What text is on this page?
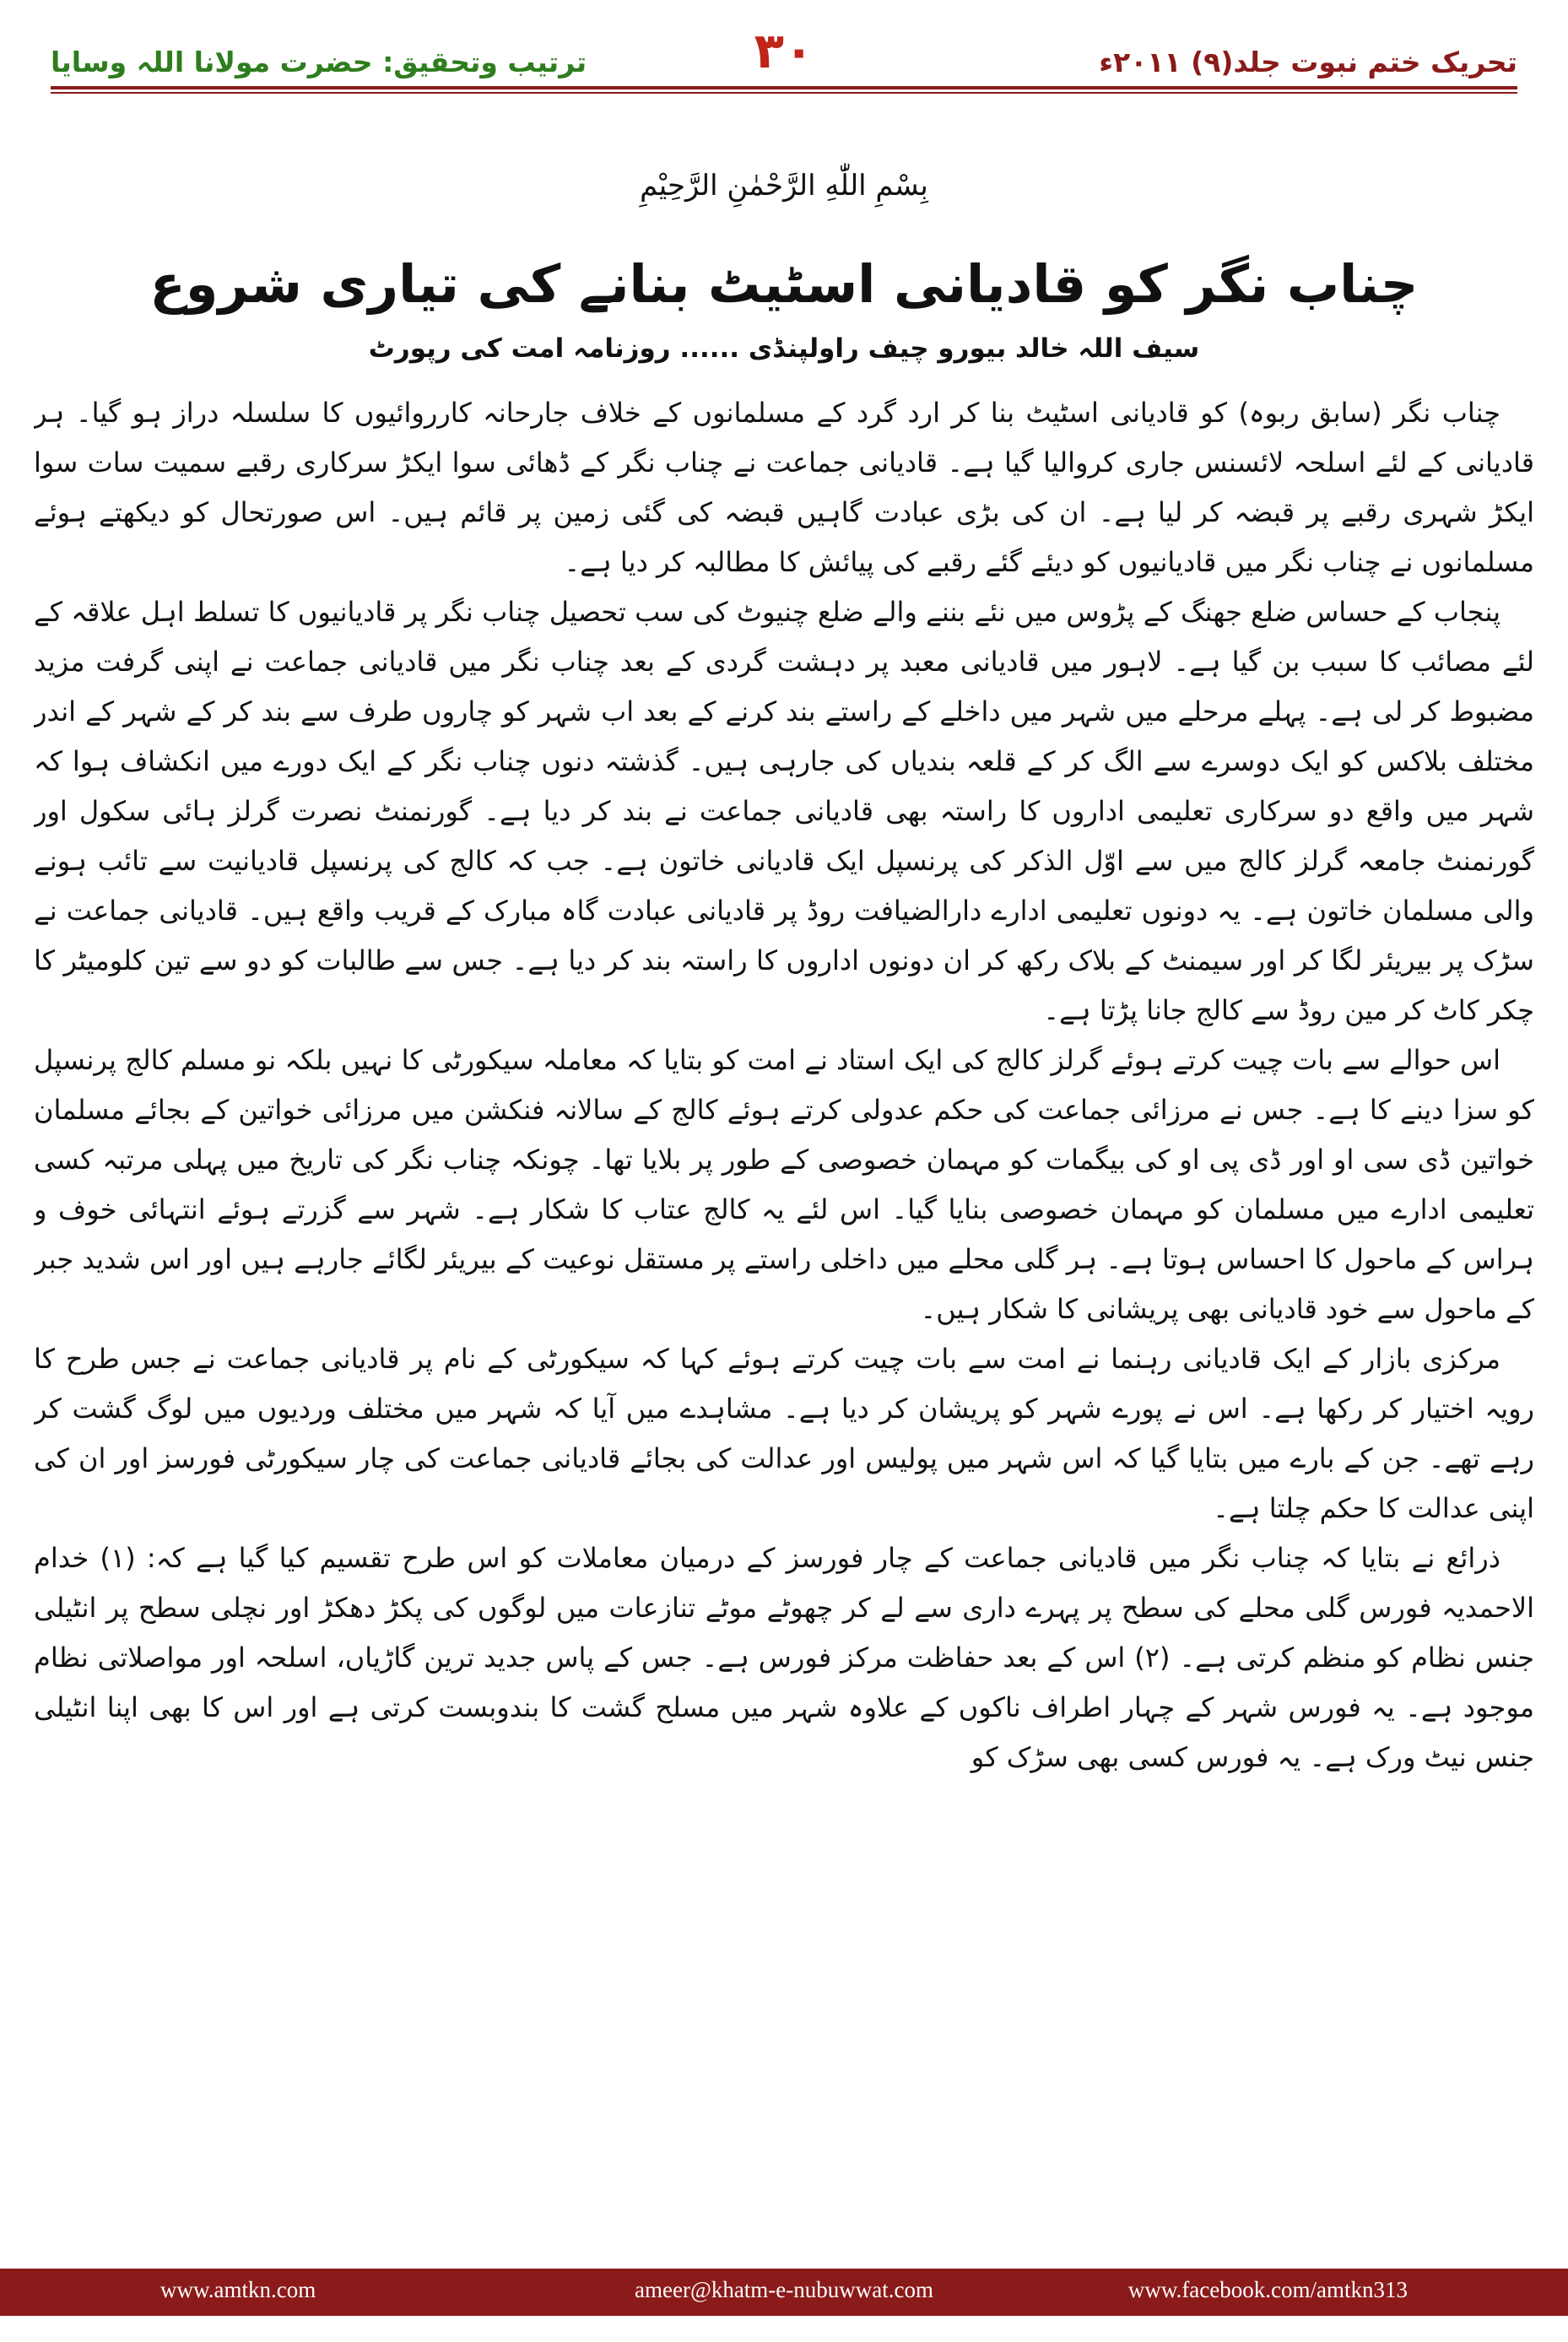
ترتیب وتحقیق: حضرت مولانا اللہ وسایا	۳۰	تحریک ختم نبوت جلد(۹) ۲۰۱۱ء
بِسْمِ اللّٰهِ الرَّحْمٰنِ الرَّحِيْمِ
چناب نگر کو قادیانی اسٹیٹ بنانے کی تیاری شروع
سیف اللہ خالد بیورو چیف راولپنڈی ...... روزنامہ امت کی رپورٹ

چناب نگر (سابق ربوہ) کو قادیانی اسٹیٹ بنا کر ارد گرد کے مسلمانوں کے خلاف جارحانہ کارروائیوں کا سلسلہ دراز ہو گیا۔ ہر قادیانی کے لئے اسلحہ لائسنس جاری کروالیا گیا ہے۔ قادیانی جماعت نے چناب نگر کے ڈھائی سوا ایکڑ سرکاری رقبے سمیت سات سوا ایکڑ شہری رقبے پر قبضہ کر لیا ہے۔ ان کی بڑی عبادت گاہیں قبضہ کی گئی زمین پر قائم ہیں۔ اس صورتحال کو دیکھتے ہوئے مسلمانوں نے چناب نگر میں قادیانیوں کو دیئے گئے رقبے کی پیائش کا مطالبہ کر دیا ہے۔

پنجاب کے حساس ضلع جھنگ کے پڑوس میں نئے بننے والے ضلع چنیوٹ کی سب تحصیل چناب نگر پر قادیانیوں کا تسلط اہل علاقہ کے لئے مصائب کا سبب بن گیا ہے۔ لاہور میں قادیانی معبد پر دہشت گردی کے بعد چناب نگر میں قادیانی جماعت نے اپنی گرفت مزید مضبوط کر لی ہے۔ پہلے مرحلے میں شہر میں داخلے کے راستے بند کرنے کے بعد اب شہر کو چاروں طرف سے بند کر کے شہر کے اندر مختلف بلاکس کو ایک دوسرے سے الگ کر کے قلعہ بندیاں کی جارہی ہیں۔ گذشتہ دنوں چناب نگر کے ایک دورے میں انکشاف ہوا کہ شہر میں واقع دو سرکاری تعلیمی اداروں کا راستہ بھی قادیانی جماعت نے بند کر دیا ہے۔ گورنمنٹ نصرت گرلز ہائی سکول اور گورنمنٹ جامعہ گرلز کالج میں سے اوّل الذکر کی پرنسپل ایک قادیانی خاتون ہے۔ جب کہ کالج کی پرنسپل قادیانیت سے تائب ہونے والی مسلمان خاتون ہے۔ یہ دونوں تعلیمی ادارے دارالضیافت روڈ پر قادیانی عبادت گاہ مبارک کے قریب واقع ہیں۔ قادیانی جماعت نے سڑک پر بیریئر لگا کر اور سیمنٹ کے بلاک رکھ کر ان دونوں اداروں کا راستہ بند کر دیا ہے۔ جس سے طالبات کو دو سے تین کلومیٹر کا چکر کاٹ کر مین روڈ سے کالج جانا پڑتا ہے۔

اس حوالے سے بات چیت کرتے ہوئے گرلز کالج کی ایک استاد نے امت کو بتایا کہ معاملہ سیکورٹی کا نہیں بلکہ نو مسلم کالج پرنسپل کو سزا دینے کا ہے۔ جس نے مرزائی جماعت کی حکم عدولی کرتے ہوئے کالج کے سالانہ فنکشن میں مرزائی خواتین کے بجائے مسلمان خواتین ڈی سی او اور ڈی پی او کی بیگمات کو مہمان خصوصی کے طور پر بلایا تھا۔ چونکہ چناب نگر کی تاریخ میں پہلی مرتبہ کسی تعلیمی ادارے میں مسلمان کو مہمان خصوصی بنایا گیا۔ اس لئے یہ کالج عتاب کا شکار ہے۔ شہر سے گزرتے ہوئے انتہائی خوف و ہراس کے ماحول کا احساس ہوتا ہے۔ ہر گلی محلے میں داخلی راستے پر مستقل نوعیت کے بیریئر لگائے جارہے ہیں اور اس شدید جبر کے ماحول سے خود قادیانی بھی پریشانی کا شکار ہیں۔

مرکزی بازار کے ایک قادیانی رہنما نے امت سے بات چیت کرتے ہوئے کہا کہ سیکورٹی کے نام پر قادیانی جماعت نے جس طرح کا رویہ اختیار کر رکھا ہے۔ اس نے پورے شہر کو پریشان کر دیا ہے۔ مشاہدے میں آیا کہ شہر میں مختلف وردیوں میں لوگ گشت کر رہے تھے۔ جن کے بارے میں بتایا گیا کہ اس شہر میں پولیس اور عدالت کی بجائے قادیانی جماعت کی چار سیکورٹی فورسز اور ان کی اپنی عدالت کا حکم چلتا ہے۔

ذرائع نے بتایا کہ چناب نگر میں قادیانی جماعت کے چار فورسز کے درمیان معاملات کو اس طرح تقسیم کیا گیا ہے کہ: (۱) خدام الاحمدیہ فورس گلی محلے کی سطح پر پہرے داری سے لے کر چھوٹے موٹے تنازعات میں لوگوں کی پکڑ دھکڑ اور نچلی سطح پر انٹیلی جنس نظام کو منظم کرتی ہے۔ (۲) اس کے بعد حفاظت مرکز فورس ہے۔ جس کے پاس جدید ترین گاڑیاں، اسلحہ اور مواصلاتی نظام موجود ہے۔ یہ فورس شہر کے چہار اطراف ناکوں کے علاوہ شہر میں مسلح گشت کا بندوبست کرتی ہے اور اس کا بھی اپنا انٹیلی جنس نیٹ ورک ہے۔ یہ فورس کسی بھی سڑک کو

www.amtkn.com	ameer@khatm-e-nubuwwat.com	www.facebook.com/amtkn313
